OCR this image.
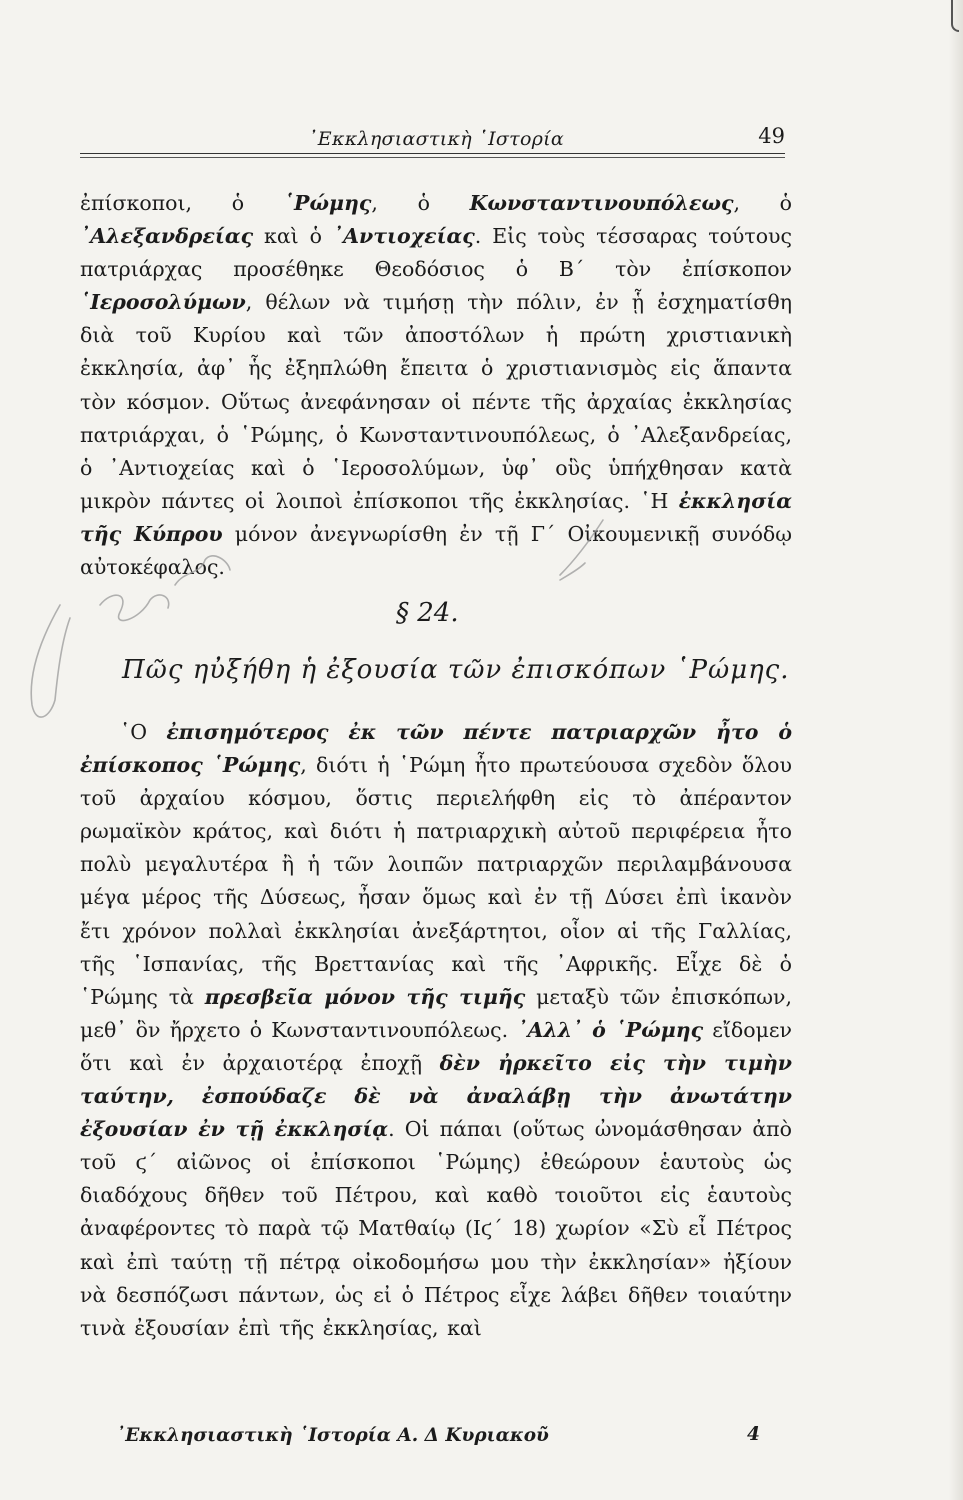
᾿Εκκλησιαστικὴ ῾Ιστορία	49
ἐπίσκοποι, ὁ ῾Ρώμης, ὁ Κωνσταντινουπόλεως, ὁ ᾿Αλεξανδρείας καὶ ὁ ᾿Αντιοχείας. Εἰς τοὺς τέσσαρας τούτους πατριάρχας προσέθηκε Θεοδόσιος ὁ Β΄ τὸν ἐπίσκοπον ῾Ιεροσολύμων, θέλων νὰ τιμήσῃ τὴν πόλιν, ἐν ᾗ ἐσχηματίσθη διὰ τοῦ Κυρίου καὶ τῶν ἀποστόλων ἡ πρώτη χριστιανικὴ ἐκκλησία, ἀφ᾿ ἧς ἐξηπλώθη ἔπειτα ὁ χριστιανισμὸς εἰς ἅπαντα τὸν κόσμον. Οὕτως ἀνεφάνησαν οἱ πέντε τῆς ἀρχαίας ἐκκλησίας πατριάρχαι, ὁ ῾Ρώμης, ὁ Κωνσταντινουπόλεως, ὁ ᾿Αλεξανδρείας, ὁ ᾿Αντιοχείας καὶ ὁ ῾Ιεροσολύμων, ὑφ᾿ οὓς ὑπήχθησαν κατὰ μικρὸν πάντες οἱ λοιποὶ ἐπίσκοποι τῆς ἐκκλησίας. ῾Η ἐκκλησία τῆς Κύπρου μόνον ἀνεγνωρίσθη ἐν τῇ Γ΄ Οἰκουμενικῇ συνόδῳ αὐτοκέφαλος.
§ 24.
Πῶς ηὐξήθη ἡ ἐξουσία τῶν ἐπισκόπων ῾Ρώμης.
῾Ο ἐπισημότερος ἐκ τῶν πέντε πατριαρχῶν ἦτο ὁ ἐπίσκοπος ῾Ρώμης, διότι ἡ ῾Ρώμη ἦτο πρωτεύουσα σχεδὸν ὅλου τοῦ ἀρχαίου κόσμου, ὅστις περιελήφθη εἰς τὸ ἀπέραντον ρωμαϊκὸν κράτος, καὶ διότι ἡ πατριαρχικὴ αὐτοῦ περιφέρεια ἦτο πολὺ μεγαλυτέρα ἢ ἡ τῶν λοιπῶν πατριαρχῶν περιλαμβάνουσα μέγα μέρος τῆς Δύσεως, ἦσαν ὅμως καὶ ἐν τῇ Δύσει ἐπὶ ἱκανὸν ἔτι χρόνον πολλαὶ ἐκκλησίαι ἀνεξάρτητοι, οἷον αἱ τῆς Γαλλίας, τῆς ῾Ισπανίας, τῆς Βρεττανίας καὶ τῆς ᾿Αφρικῆς. Εἶχε δὲ ὁ ῾Ρώμης τὰ πρεσβεῖα μόνον τῆς τιμῆς μεταξὺ τῶν ἐπισκόπων, μεθ᾿ ὃν ἤρχετο ὁ Κωνσταντινουπόλεως. ᾿Αλλ᾿ ὁ ῾Ρώμης εἴδομεν ὅτι καὶ ἐν ἀρχαιοτέρᾳ ἐποχῇ δὲν ἠρκεῖτο εἰς τὴν τιμὴν ταύτην, ἐσπούδαζε δὲ νὰ ἀναλάβῃ τὴν ἀνωτάτην ἐξουσίαν ἐν τῇ ἐκκλησίᾳ. Οἱ πάπαι (οὕτως ὠνομάσθησαν ἀπὸ τοῦ ϛ΄ αἰῶνος οἱ ἐπίσκοποι ῾Ρώμης) ἐθεώρουν ἑαυτοὺς ὡς διαδόχους δῆθεν τοῦ Πέτρου, καὶ καθὸ τοιοῦτοι εἰς ἑαυτοὺς ἀναφέροντες τὸ παρὰ τῷ Ματθαίῳ (Ιϛ΄ 18) χωρίον «Σὺ εἶ Πέτρος καὶ ἐπὶ ταύτῃ τῇ πέτρᾳ οἰκοδομήσω μου τὴν ἐκκλησίαν» ἠξίουν νὰ δεσπόζωσι πάντων, ὡς εἰ ὁ Πέτρος εἶχε λάβει δῆθεν τοιαύτην τινὰ ἐξουσίαν ἐπὶ τῆς ἐκκλησίας, καὶ
᾿Εκκλησιαστικὴ ῾Ιστορία Α. Δ Κυριακοῦ	4
